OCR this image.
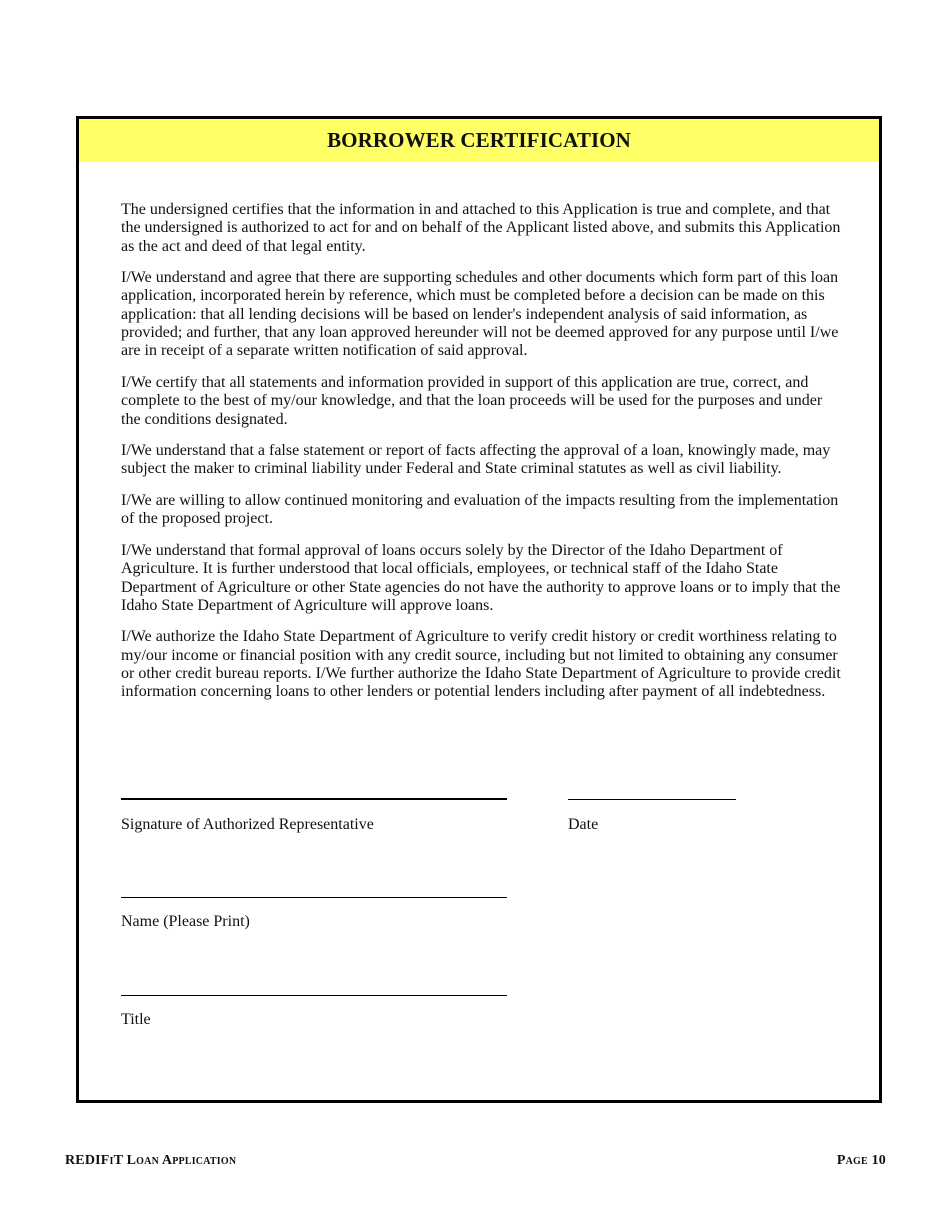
BORROWER CERTIFICATION

The undersigned certifies that the information in and attached to this Application is true and complete, and that the undersigned is authorized to act for and on behalf of the Applicant listed above, and submits this Application as the act and deed of that legal entity.

I/We understand and agree that there are supporting schedules and other documents which form part of this loan application, incorporated herein by reference, which must be completed before a decision can be made on this application: that all lending decisions will be based on lender's independent analysis of said information, as provided; and further, that any loan approved hereunder will not be deemed approved for any purpose until I/we are in receipt of a separate written notification of said approval.

I/We certify that all statements and information provided in support of this application are true, correct, and complete to the best of my/our knowledge, and that the loan proceeds will be used for the purposes and under the conditions designated.

I/We understand that a false statement or report of facts affecting the approval of a loan, knowingly made, may subject the maker to criminal liability under Federal and State criminal statutes as well as civil liability.

I/We are willing to allow continued monitoring and evaluation of the impacts resulting from the implementation of the proposed project.

I/We understand that formal approval of loans occurs solely by the Director of the Idaho Department of Agriculture. It is further understood that local officials, employees, or technical staff of the Idaho State Department of Agriculture or other State agencies do not have the authority to approve loans or to imply that the Idaho State Department of Agriculture will approve loans.

I/We authorize the Idaho State Department of Agriculture to verify credit history or credit worthiness relating to my/our income or financial position with any credit source, including but not limited to obtaining any consumer or other credit bureau reports. I/We further authorize the Idaho State Department of Agriculture to provide credit information concerning loans to other lenders or potential lenders including after payment of all indebtedness.

Signature of Authorized Representative	Date
Name (Please Print)
Title
REDIFiT Loan Application	Page 10
